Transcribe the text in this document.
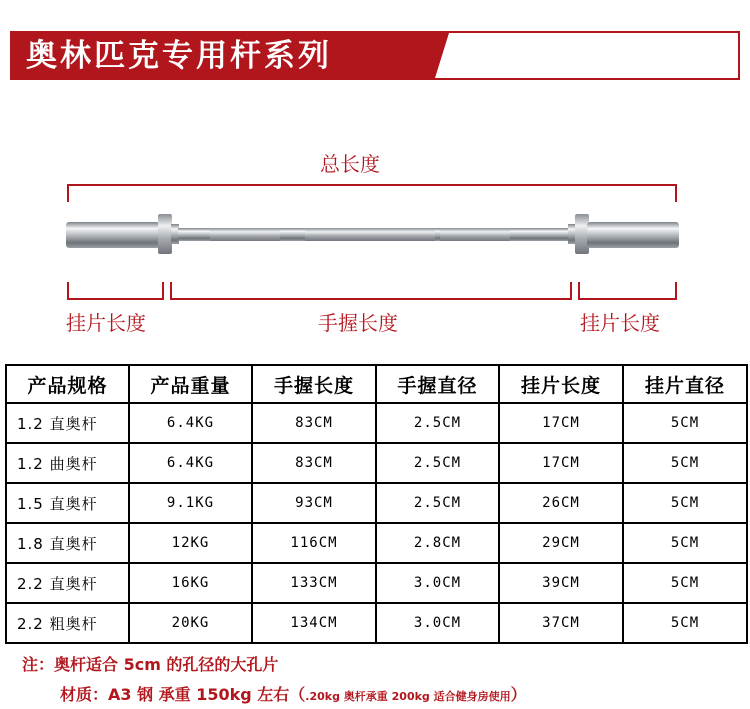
奥林匹克专用杆系列
总长度
挂片长度	手握长度	挂片长度
产品规格	产品重量	手握长度	手握直径	挂片长度	挂片直径
1.2 直奥杆	6.4KG	83CM	2.5CM	17CM	5CM
1.2 曲奥杆	6.4KG	83CM	2.5CM	17CM	5CM
1.5 直奥杆	9.1KG	93CM	2.5CM	26CM	5CM
1.8 直奥杆	12KG	116CM	2.8CM	29CM	5CM
2.2 直奥杆	16KG	133CM	3.0CM	39CM	5CM
2.2 粗奥杆	20KG	134CM	3.0CM	37CM	5CM
注：奥杆适合 5cm 的孔径的大孔片
材质：A3 钢 承重 150kg 左右（.20kg 奥杆承重 200kg 适合健身房使用）
